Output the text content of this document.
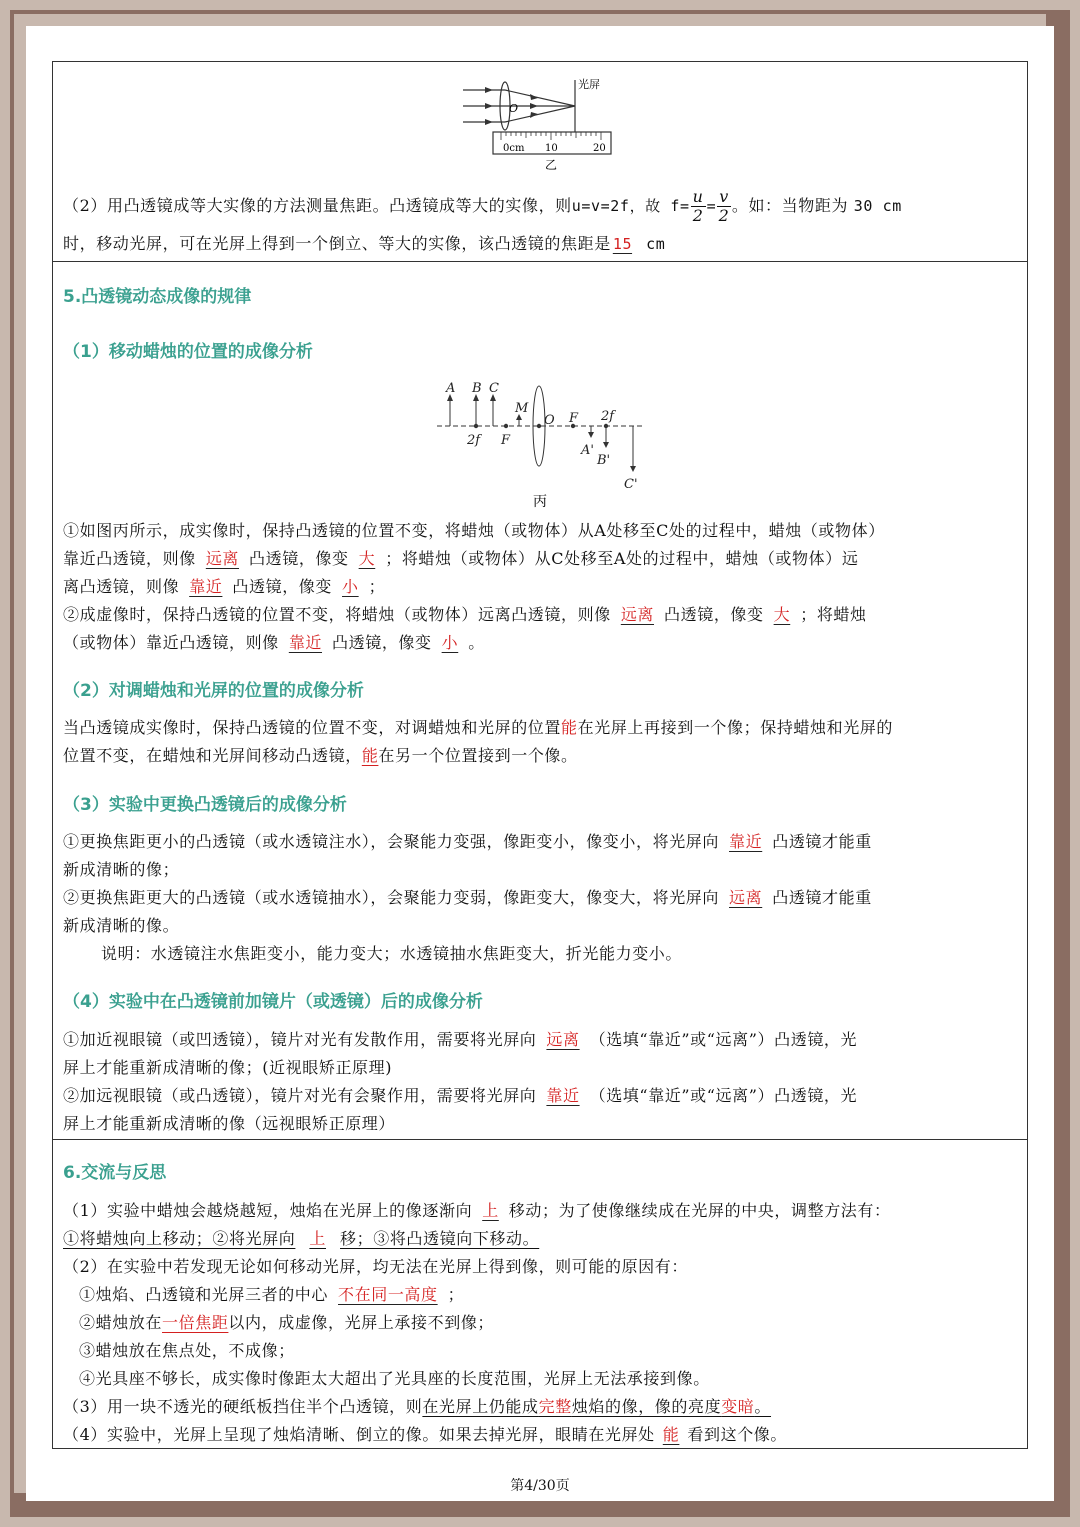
光屏
O
0cm 10	20
乙
（2）用凸透镜成等大实像的方法测量焦距。凸透镜成等大的实像，则u=v=2f，故 $f= \frac{u}{2} = \frac{v}{2}$ 。如：当物距为 30 cm
时，移动光屏，可在光屏上得到一个倒立、等大的实像，该凸透镜的焦距是 15 cm
5.凸透镜动态成像的规律
（1）移动蜡烛的位置的成像分析
A B C
M
O F 2f
2f F
A'
B'
C'
丙
①如图丙所示，成实像时，保持凸透镜的位置不变，将蜡烛（或物体）从A处移至C处的过程中，蜡烛（或物体）
靠近凸透镜，则像 远离 凸透镜，像变 大 ；将蜡烛（或物体）从C处移至A处的过程中，蜡烛（或物体）远
离凸透镜，则像 靠近 凸透镜，像变 小 ；
②成虚像时，保持凸透镜的位置不变，将蜡烛（或物体）远离凸透镜，则像 远离 凸透镜，像变 大 ；将蜡烛
（或物体）靠近凸透镜，则像 靠近 凸透镜，像变 小 。
（2）对调蜡烛和光屏的位置的成像分析
当凸透镜成实像时，保持凸透镜的位置不变，对调蜡烛和光屏的位置能在光屏上再接到一个像；保持蜡烛和光屏的
位置不变，在蜡烛和光屏间移动凸透镜，能在另一个位置接到一个像。
（3）实验中更换凸透镜后的成像分析
①更换焦距更小的凸透镜（或水透镜注水），会聚能力变强，像距变小，像变小，将光屏向 靠近 凸透镜才能重
新成清晰的像；
②更换焦距更大的凸透镜（或水透镜抽水），会聚能力变弱，像距变大，像变大，将光屏向 远离 凸透镜才能重
新成清晰的像。
说明：水透镜注水焦距变小，能力变大；水透镜抽水焦距变大，折光能力变小。
（4）实验中在凸透镜前加镜片（或透镜）后的成像分析
①加近视眼镜（或凹透镜），镜片对光有发散作用，需要将光屏向 远离 （选填“靠近”或“远离”）凸透镜，光
屏上才能重新成清晰的像；(近视眼矫正原理)
②加远视眼镜（或凸透镜），镜片对光有会聚作用，需要将光屏向 靠近 （选填“靠近”或“远离”）凸透镜，光
屏上才能重新成清晰的像（远视眼矫正原理）
6.交流与反思
（1）实验中蜡烛会越烧越短，烛焰在光屏上的像逐渐向 上 移动；为了使像继续成在光屏的中央，调整方法有：
①将蜡烛向上移动；②将光屏向 上 移；③将凸透镜向下移动。
（2）在实验中若发现无论如何移动光屏，均无法在光屏上得到像，则可能的原因有：
①烛焰、凸透镜和光屏三者的中心 不在同一高度 ；
②蜡烛放在一倍焦距以内，成虚像，光屏上承接不到像；
③蜡烛放在焦点处，不成像；
④光具座不够长，成实像时像距太大超出了光具座的长度范围，光屏上无法承接到像。
（3）用一块不透光的硬纸板挡住半个凸透镜，则在光屏上仍能成完整烛焰的像，像的亮度变暗。
（4）实验中，光屏上呈现了烛焰清晰、倒立的像。如果去掉光屏，眼睛在光屏处 能 看到这个像。
第4/30页
